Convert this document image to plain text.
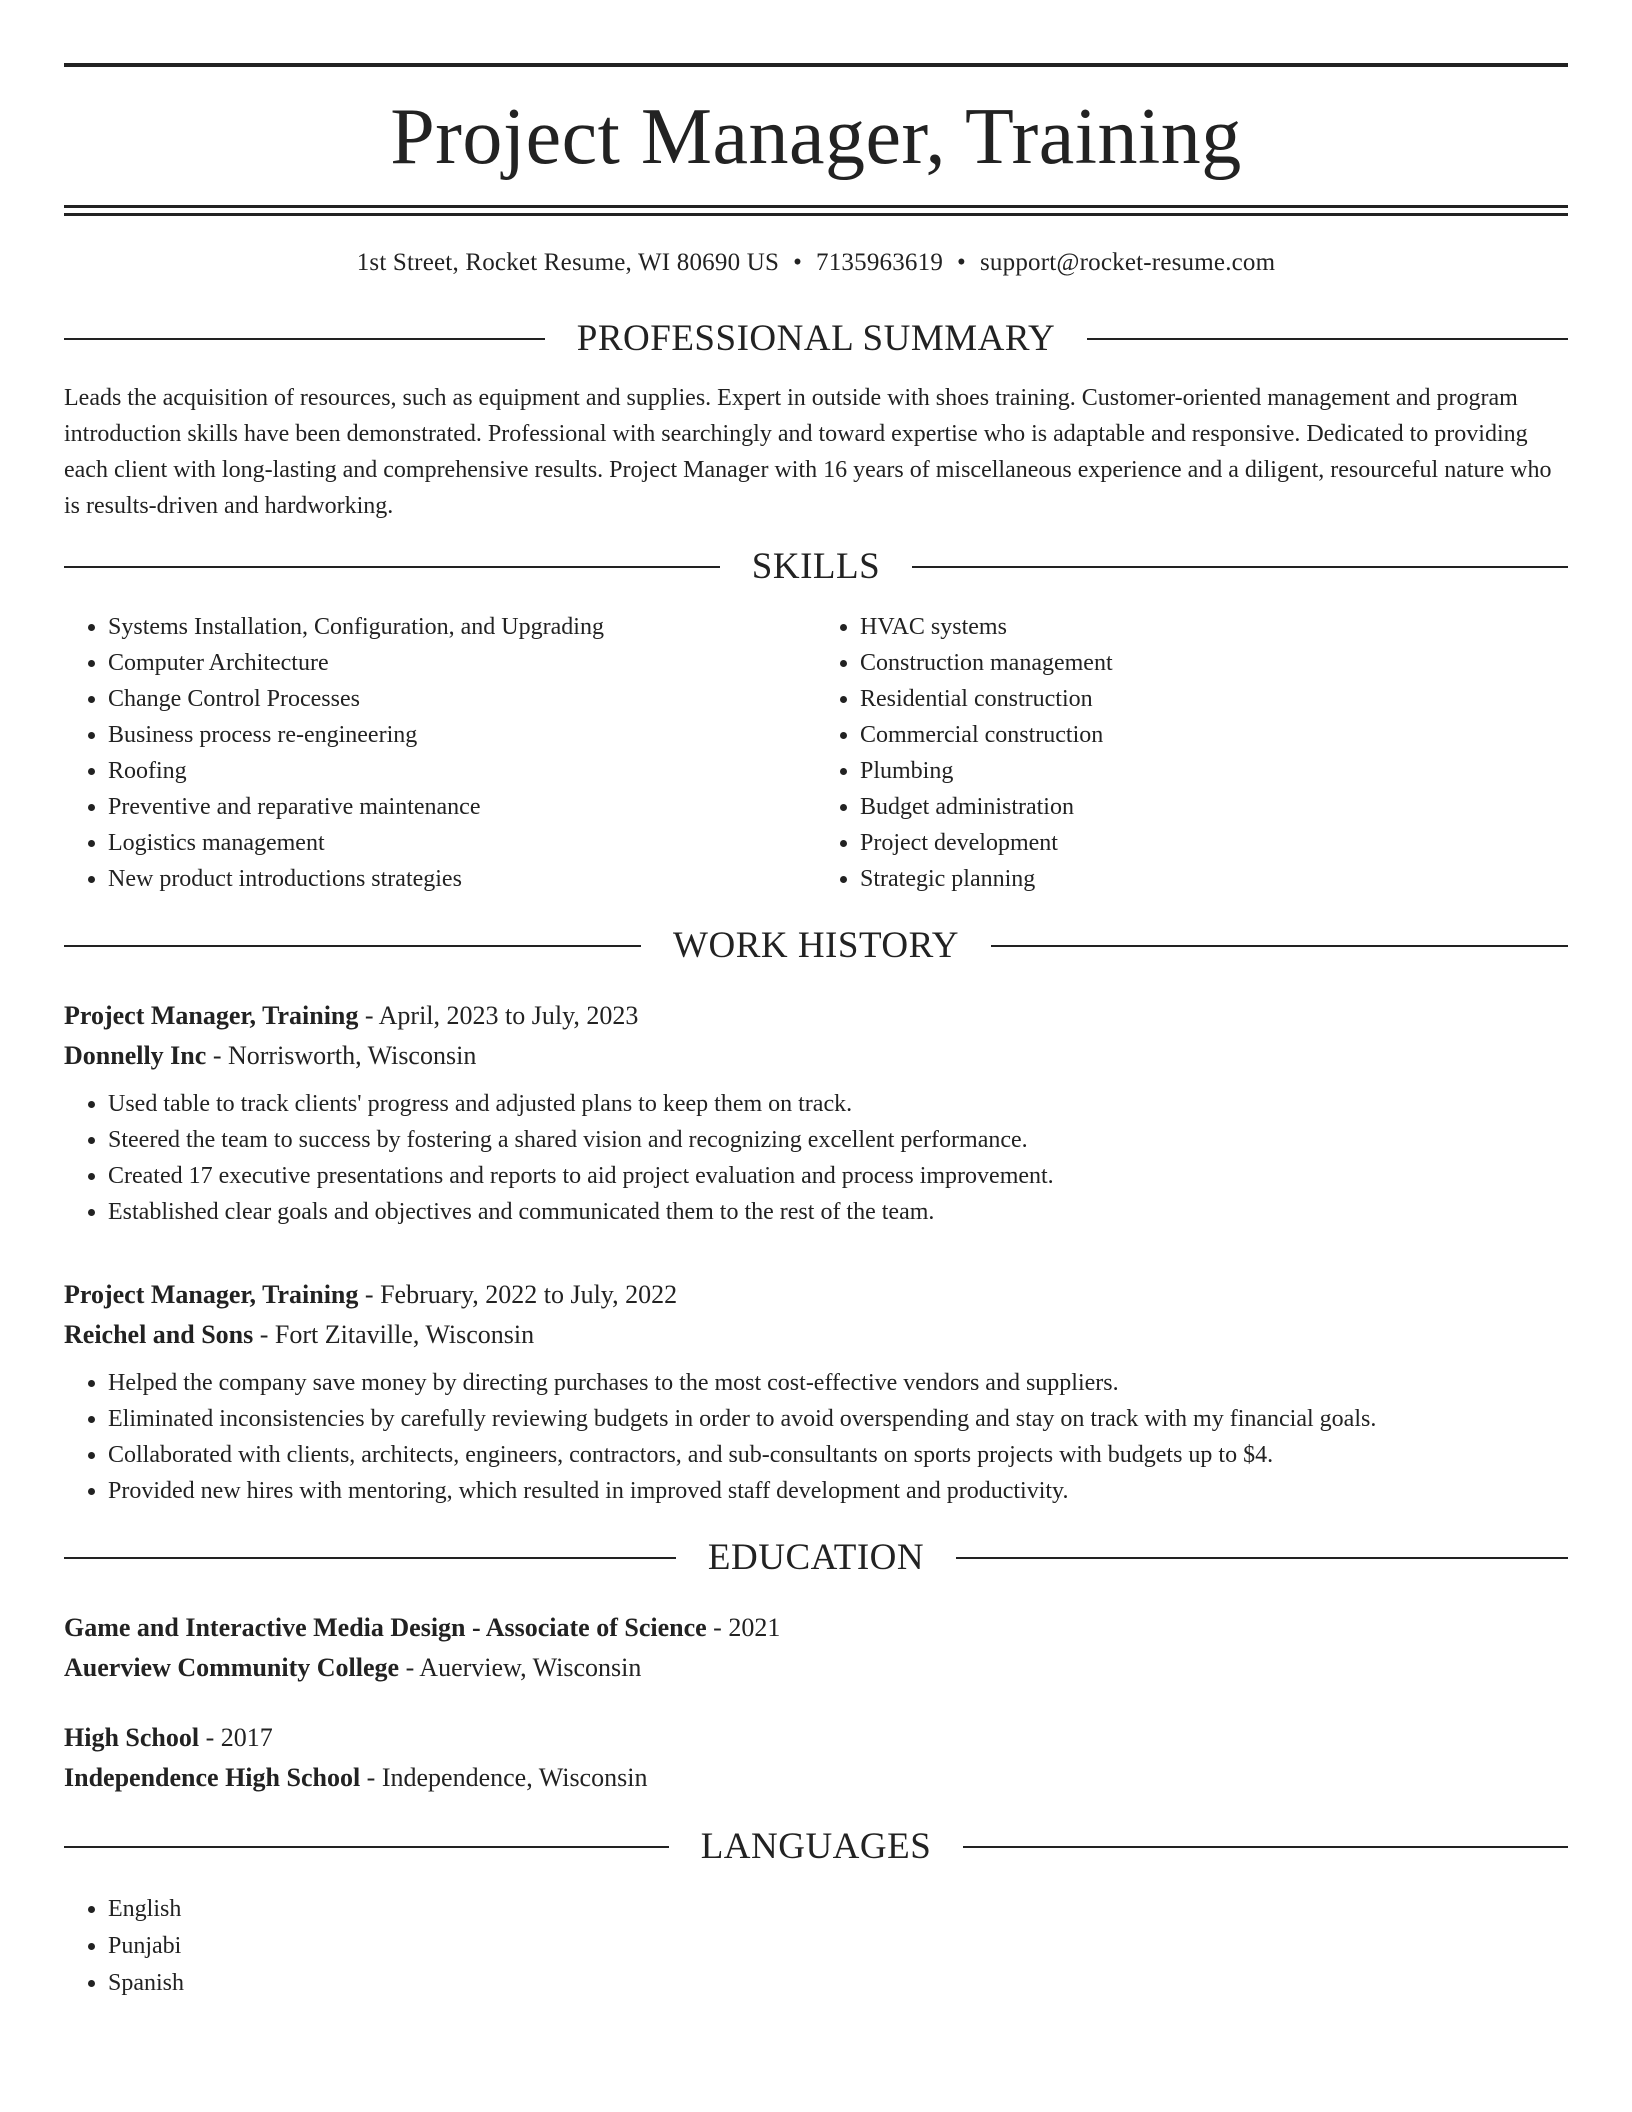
Project Manager, Training
1st Street, Rocket Resume, WI 80690 US • 7135963619 • support@rocket-resume.com
PROFESSIONAL SUMMARY

Leads the acquisition of resources, such as equipment and supplies. Expert in outside with shoes training. Customer-oriented management and program introduction skills have been demonstrated. Professional with searchingly and toward expertise who is adaptable and responsive. Dedicated to providing each client with long-lasting and comprehensive results. Project Manager with 16 years of miscellaneous experience and a diligent, resourceful nature who is results-driven and hardworking.

SKILLS
• Systems Installation, Configuration, and Upgrading
• Computer Architecture
• Change Control Processes
• Business process re-engineering
• Roofing
• Preventive and reparative maintenance
• Logistics management
• New product introductions strategies
• HVAC systems
• Construction management
• Residential construction
• Commercial construction
• Plumbing
• Budget administration
• Project development
• Strategic planning
WORK HISTORY
Project Manager, Training - April, 2023 to July, 2023
Donnelly Inc - Norrisworth, Wisconsin
• Used table to track clients' progress and adjusted plans to keep them on track.
• Steered the team to success by fostering a shared vision and recognizing excellent performance.
• Created 17 executive presentations and reports to aid project evaluation and process improvement.
• Established clear goals and objectives and communicated them to the rest of the team.
Project Manager, Training - February, 2022 to July, 2022
Reichel and Sons - Fort Zitaville, Wisconsin
• Helped the company save money by directing purchases to the most cost-effective vendors and suppliers.
• Eliminated inconsistencies by carefully reviewing budgets in order to avoid overspending and stay on track with my financial goals.
• Collaborated with clients, architects, engineers, contractors, and sub-consultants on sports projects with budgets up to $4.
• Provided new hires with mentoring, which resulted in improved staff development and productivity.
EDUCATION
Game and Interactive Media Design - Associate of Science - 2021
Auerview Community College - Auerview, Wisconsin
High School - 2017
Independence High School - Independence, Wisconsin
LANGUAGES
• English
• Punjabi
• Spanish
